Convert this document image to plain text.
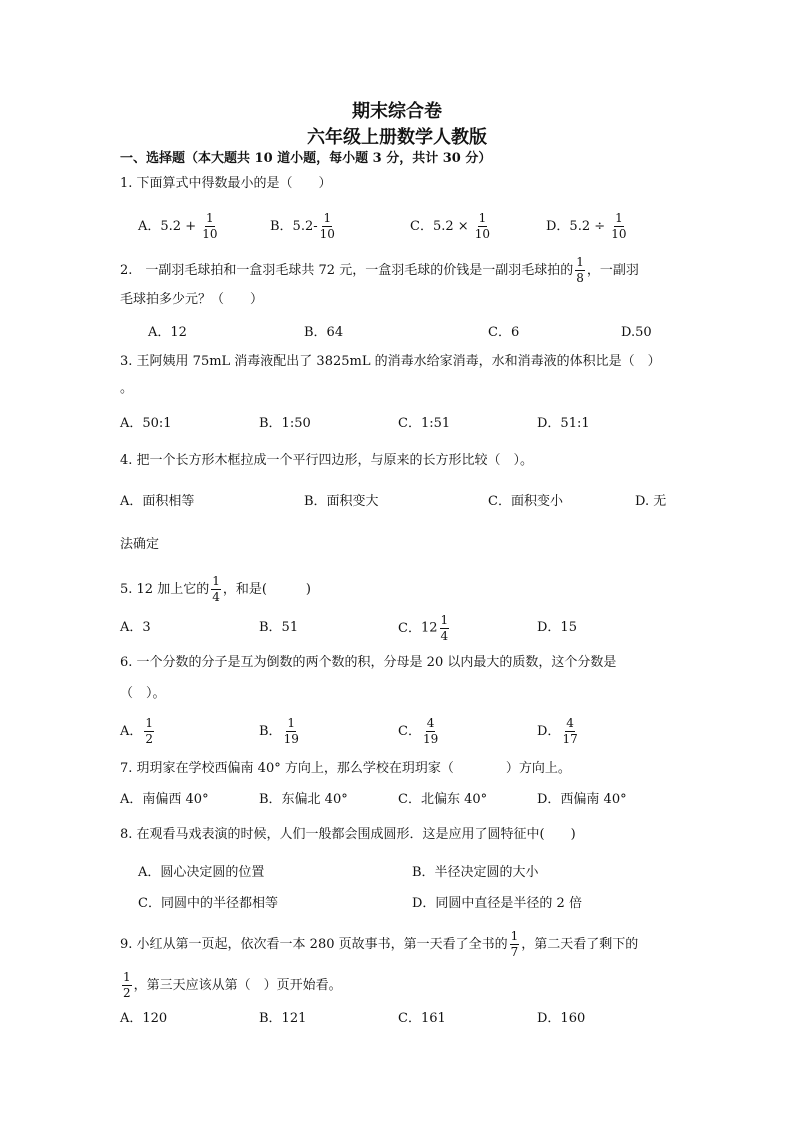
期末综合卷
六年级上册数学人教版
一、选择题（本大题共 10 道小题，每小题 3 分，共计 30 分）
1. 下面算式中得数最小的是（　　）
A．$5.2 + \frac{1}{10}$	B．$5.2- \frac{1}{10}$	C．$5.2 \times \frac{1}{10}$	D．$5.2 \div \frac{1}{10}$
2.　一副羽毛球拍和一盒羽毛球共 72 元，一盒羽毛球的价钱是一副羽毛球拍的 $\frac{1}{8}$ ，一副羽
毛球拍多少元？（　　）
A．12	B．64	C．6	D.50
3. 王阿姨用 75mL 消毒液配出了 3825mL 的消毒水给家消毒，水和消毒液的体积比是（　）
。
A．50:1	B．1:50	C．1:51	D．51:1
4. 把一个长方形木框拉成一个平行四边形，与原来的长方形比较（　）。
A．面积相等	B．面积变大	C．面积变小	D. 无
法确定
5. 12 加上它的 $\frac{1}{4}$ ，和是(　　　)
A．3	B．51	C．$12 \frac{1}{4}$	D．15
6. 一个分数的分子是互为倒数的两个数的积，分母是 20 以内最大的质数，这个分数是
（　）。
A． $\frac{1}{2}$	B． $\frac{1}{19}$	C． $\frac{4}{19}$	D． $\frac{4}{17}$
7. 玥玥家在学校西偏南 40° 方向上，那么学校在玥玥家（　　　　）方向上。
A．南偏西 40°	B．东偏北 40°	C．北偏东 40°	D．西偏南 40°
8. 在观看马戏表演的时候，人们一般都会围成圆形．这是应用了圆特征中(　　)
A．圆心决定圆的位置	B．半径决定圆的大小
C．同圆中的半径都相等	D．同圆中直径是半径的 2 倍
9. 小红从第一页起，依次看一本 280 页故事书，第一天看了全书的 $\frac{1}{7}$ ，第二天看了剩下的
$\frac{1}{2}$ ，第三天应该从第（　）页开始看。
A．120	B．121	C．161	D．160
